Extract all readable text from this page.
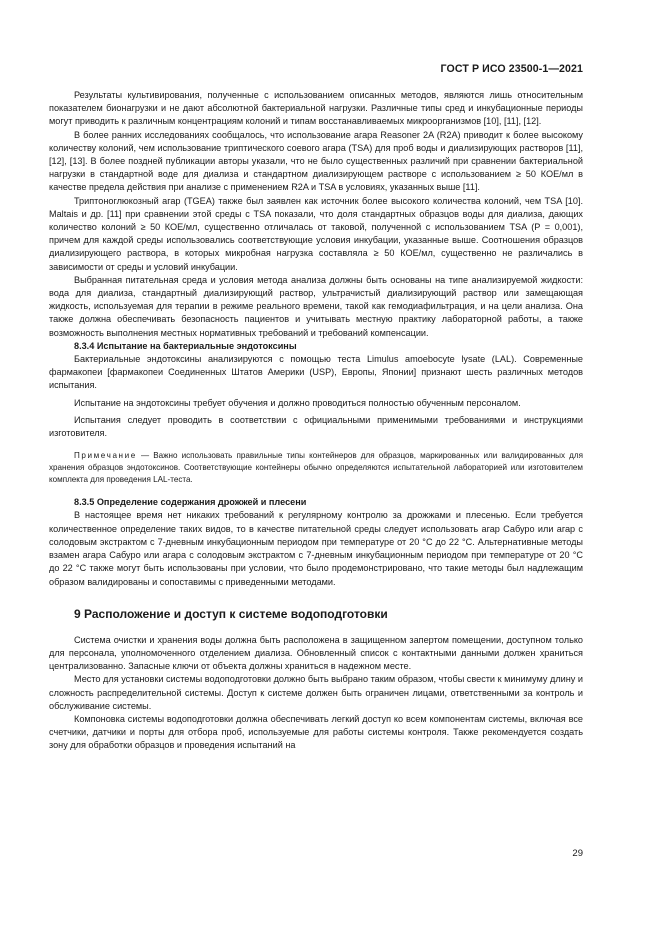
ГОСТ Р ИСО 23500-1—2021

Результаты культивирования, полученные с использованием описанных методов, являются лишь относительным показателем бионагрузки и не дают абсолютной бактериальной нагрузки. Различные типы сред и инкубационные периоды могут приводить к различным концентрациям колоний и типам восстанавливаемых микроорганизмов [10], [11], [12].

В более ранних исследованиях сообщалось, что использование агара Reasoner 2A (R2A) приводит к более высокому количеству колоний, чем использование триптического соевого агара (TSA) для проб воды и диализирующих растворов [11], [12], [13]. В более поздней публикации авторы указали, что не было существенных различий при сравнении бактериальной нагрузки в стандартной воде для диализа и стандартном диализирующем растворе с использованием ≥ 50 КОЕ/мл в качестве предела действия при анализе с применением R2A и TSA в условиях, указанных выше [11].

Триптоноглюкозный агар (TGEA) также был заявлен как источник более высокого количества колоний, чем TSA [10]. Maltais и др. [11] при сравнении этой среды с TSA показали, что доля стандартных образцов воды для диализа, дающих количество колоний ≥ 50 КОЕ/мл, существенно отличалась от таковой, полученной с использованием TSA (P = 0,001), причем для каждой среды использовались соответствующие условия инкубации, указанные выше. Соотношения образцов диализирующего раствора, в которых микробная нагрузка составляла ≥ 50 КОЕ/мл, существенно не различались в зависимости от среды и условий инкубации.

Выбранная питательная среда и условия метода анализа должны быть основаны на типе анализируемой жидкости: вода для диализа, стандартный диализирующий раствор, ультрачистый диализирующий раствор или замещающая жидкость, используемая для терапии в режиме реального времени, такой как гемодиафильтрация, и на цели анализа. Она также должна обеспечивать безопасность пациентов и учитывать местную практику лабораторной работы, а также возможность выполнения местных нормативных требований и требований компенсации.

8.3.4 Испытание на бактериальные эндотоксины

Бактериальные эндотоксины анализируются с помощью теста Limulus amoebocyte lysate (LAL). Современные фармакопеи [фармакопеи Соединенных Штатов Америки (USP), Европы, Японии] признают шесть различных методов испытания.

Испытание на эндотоксины требует обучения и должно проводиться полностью обученным персоналом.

Испытания следует проводить в соответствии с официальными применимыми требованиями и инструкциями изготовителя.

Примечание — Важно использовать правильные типы контейнеров для образцов, маркированных или валидированных для хранения образцов эндотоксинов. Соответствующие контейнеры обычно определяются испытательной лабораторией или изготовителем комплекта для проведения LAL-теста.
8.3.5 Определение содержания дрожжей и плесени

В настоящее время нет никаких требований к регулярному контролю за дрожжами и плесенью. Если требуется количественное определение таких видов, то в качестве питательной среды следует использовать агар Сабуро или агар с солодовым экстрактом с 7-дневным инкубационным периодом при температуре от 20 °С до 22 °С. Альтернативные методы взамен агара Сабуро или агара с солодовым экстрактом с 7-дневным инкубационным периодом при температуре от 20 °С до 22 °С также могут быть использованы при условии, что было продемонстрировано, что такие методы был надлежащим образом валидированы и сопоставимы с приведенными методами.

9 Расположение и доступ к системе водоподготовки

Система очистки и хранения воды должна быть расположена в защищенном запертом помещении, доступном только для персонала, уполномоченного отделением диализа. Обновленный список с контактными данными должен храниться централизованно. Запасные ключи от объекта должны храниться в надежном месте.

Место для установки системы водоподготовки должно быть выбрано таким образом, чтобы свести к минимуму длину и сложность распределительной системы. Доступ к системе должен быть ограничен лицами, ответственными за контроль и обслуживание системы.

Компоновка системы водоподготовки должна обеспечивать легкий доступ ко всем компонентам системы, включая все счетчики, датчики и порты для отбора проб, используемые для работы системы контроля. Также рекомендуется создать зону для обработки образцов и проведения испытаний на

29
